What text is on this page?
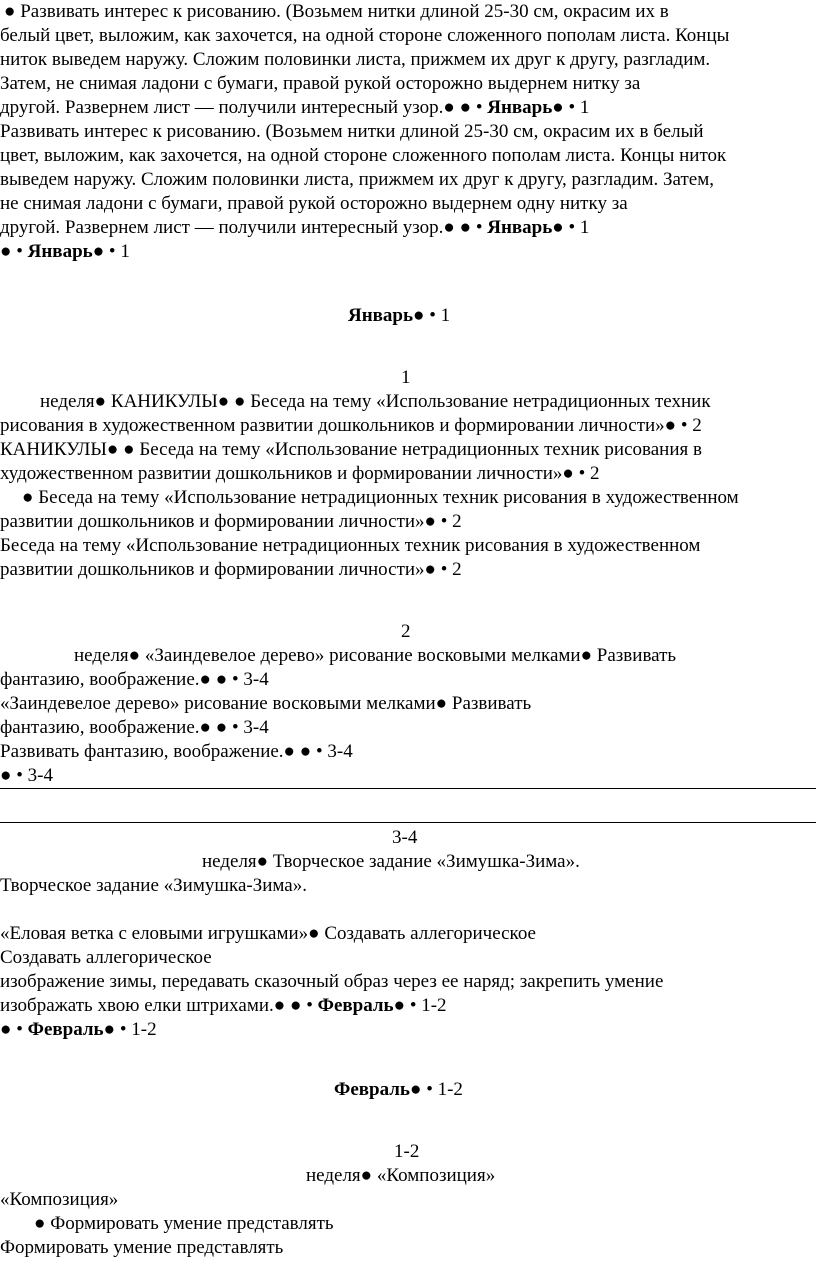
● Развивать интерес к рисованию. (Возьмем нитки длиной 25-30 см, окрасим их в
белый цвет, выложим, как захочется, на одной стороне сложенного пополам листа. Концы
ниток выведем наружу. Сложим половинки листа, прижмем их друг к другу, разгладим.
Затем, не снимая ладони с бумаги, правой рукой осторожно выдернем нитку за
другой. Развернем лист — получили интересный узор.● ● • Январь● • 1
Развивать интерес к рисованию. (Возьмем нитки длиной 25-30 см, окрасим их в белый
цвет, выложим, как захочется, на одной стороне сложенного пополам листа. Концы ниток
выведем наружу. Сложим половинки листа, прижмем их друг к другу, разгладим. Затем,
не снимая ладони с бумаги, правой рукой осторожно выдернем одну нитку за
другой. Развернем лист — получили интересный узор.● ● • Январь● • 1
● • Январь● • 1
Январь● • 1
1
неделя● КАНИКУЛЫ● ● Беседа на тему «Использование нетрадиционных техник
рисования в художественном развитии дошкольников и формировании личности»● • 2
КАНИКУЛЫ● ● Беседа на тему «Использование нетрадиционных техник рисования в
художественном развитии дошкольников и формировании личности»● • 2
● Беседа на тему «Использование нетрадиционных техник рисования в художественном
развитии дошкольников и формировании личности»● • 2
Беседа на тему «Использование нетрадиционных техник рисования в художественном
развитии дошкольников и формировании личности»● • 2
2
неделя● «Заиндевелое дерево» рисование восковыми мелками● Развивать
фантазию, воображение.● ● • 3-4
«Заиндевелое дерево» рисование восковыми мелками● Развивать
фантазию, воображение.● ● • 3-4
Развивать фантазию, воображение.● ● • 3-4
● • 3-4
3-4
неделя● Творческое задание «Зимушка-Зима».
Творческое задание «Зимушка-Зима».
«Еловая ветка с еловыми игрушками»● Создавать аллегорическое
Создавать аллегорическое
изображение зимы, передавать сказочный образ через ее наряд; закрепить умение
изображать хвою елки штрихами.● ● • Февраль● • 1-2
● • Февраль● • 1-2
Февраль● • 1-2
1-2
неделя● «Композиция»
«Композиция»
● Формировать умение представлять
Формировать умение представлять
